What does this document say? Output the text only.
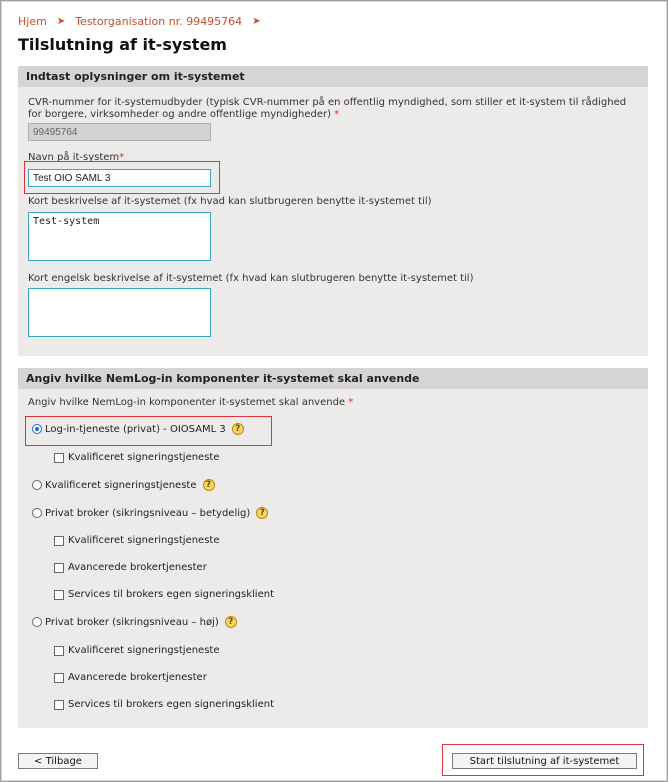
Hjem ➤ Testorganisation nr. 99495764 ➤
Tilslutning af it-system
Indtast oplysninger om it-systemet
CVR-nummer for it-systemudbyder (typisk CVR-nummer på en offentlig myndighed, som stiller et it-system til rådighed for borgere, virksomheder og andre offentlige myndigheder) *
99495764
Navn på it-system*
Test OIO SAML 3
Kort beskrivelse af it-systemet (fx hvad kan slutbrugeren benytte it-systemet til)
Test-system
Kort engelsk beskrivelse af it-systemet (fx hvad kan slutbrugeren benytte it-systemet til)
Angiv hvilke NemLog-in komponenter it-systemet skal anvende
Angiv hvilke NemLog-in komponenter it-systemet skal anvende *
Log-in-tjeneste (privat) - OIOSAML 3	?
Kvalificeret signeringstjeneste
Kvalificeret signeringstjeneste	?
Privat broker (sikringsniveau – betydelig)	?
Kvalificeret signeringstjeneste
Avancerede brokertjenester
Services til brokers egen signeringsklient
Privat broker (sikringsniveau – høj)	?
Kvalificeret signeringstjeneste
Avancerede brokertjenester
Services til brokers egen signeringsklient
< Tilbage	Start tilslutning af it-systemet
